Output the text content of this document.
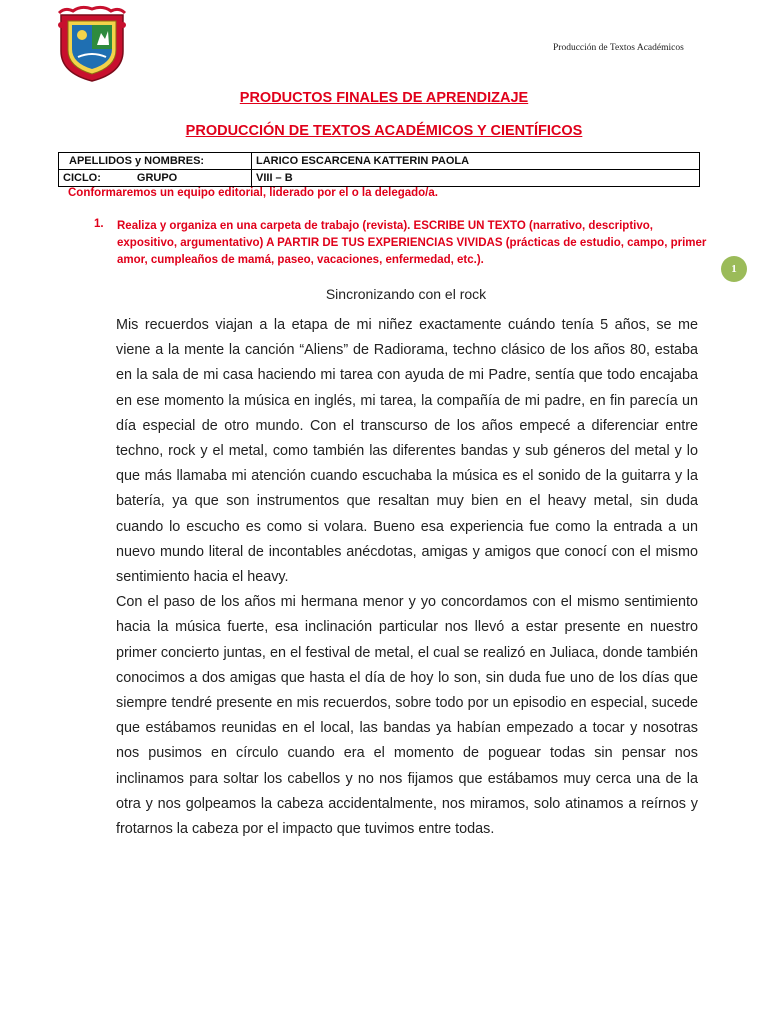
Producción de Textos Académicos
PRODUCTOS FINALES DE APRENDIZAJE
PRODUCCIÓN DE TEXTOS ACADÉMICOS Y CIENTÍFICOS
APELLIDOS y NOMBRES:	LARICO ESCARCENA KATTERIN PAOLA
CICLO: GRUPO	VIII – B
Conformaremos un equipo editorial, liderado por el o la delegado/a.
1. Realiza y organiza en una carpeta de trabajo (revista). ESCRIBE UN TEXTO (narrativo, descriptivo, expositivo, argumentativo) A PARTIR DE TUS EXPERIENCIAS VIVIDAS (prácticas de estudio, campo, primer amor, cumpleaños de mamá, paseo, vacaciones, enfermedad, etc.).
1
Sincronizando con el rock

Mis recuerdos viajan a la etapa de mi niñez exactamente cuándo tenía 5 años, se me viene a la mente la canción “Aliens” de Radiorama, techno clásico de los años 80, estaba en la sala de mi casa haciendo mi tarea con ayuda de mi Padre, sentía que todo encajaba en ese momento la música en inglés, mi tarea, la compañía de mi padre, en fin parecía un día especial de otro mundo. Con el transcurso de los años empecé a diferenciar entre techno, rock y el metal, como también las diferentes bandas y sub géneros del metal y lo que más llamaba mi atención cuando escuchaba la música es el sonido de la guitarra y la batería, ya que son instrumentos que resaltan muy bien en el heavy metal, sin duda cuando lo escucho es como si volara. Bueno esa experiencia fue como la entrada a un nuevo mundo literal de incontables anécdotas, amigas y amigos que conocí con el mismo sentimiento hacia el heavy.

Con el paso de los años mi hermana menor y yo concordamos con el mismo sentimiento hacia la música fuerte, esa inclinación particular nos llevó a estar presente en nuestro primer concierto juntas, en el festival de metal, el cual se realizó en Juliaca, donde también conocimos a dos amigas que hasta el día de hoy lo son, sin duda fue uno de los días que siempre tendré presente en mis recuerdos, sobre todo por un episodio en especial, sucede que estábamos reunidas en el local, las bandas ya habían empezado a tocar y nosotras nos pusimos en círculo cuando era el momento de poguear todas sin pensar nos inclinamos para soltar los cabellos y no nos fijamos que estábamos muy cerca una de la otra y nos golpeamos la cabeza accidentalmente, nos miramos, solo atinamos a reírnos y frotarnos la cabeza por el impacto que tuvimos entre todas.
